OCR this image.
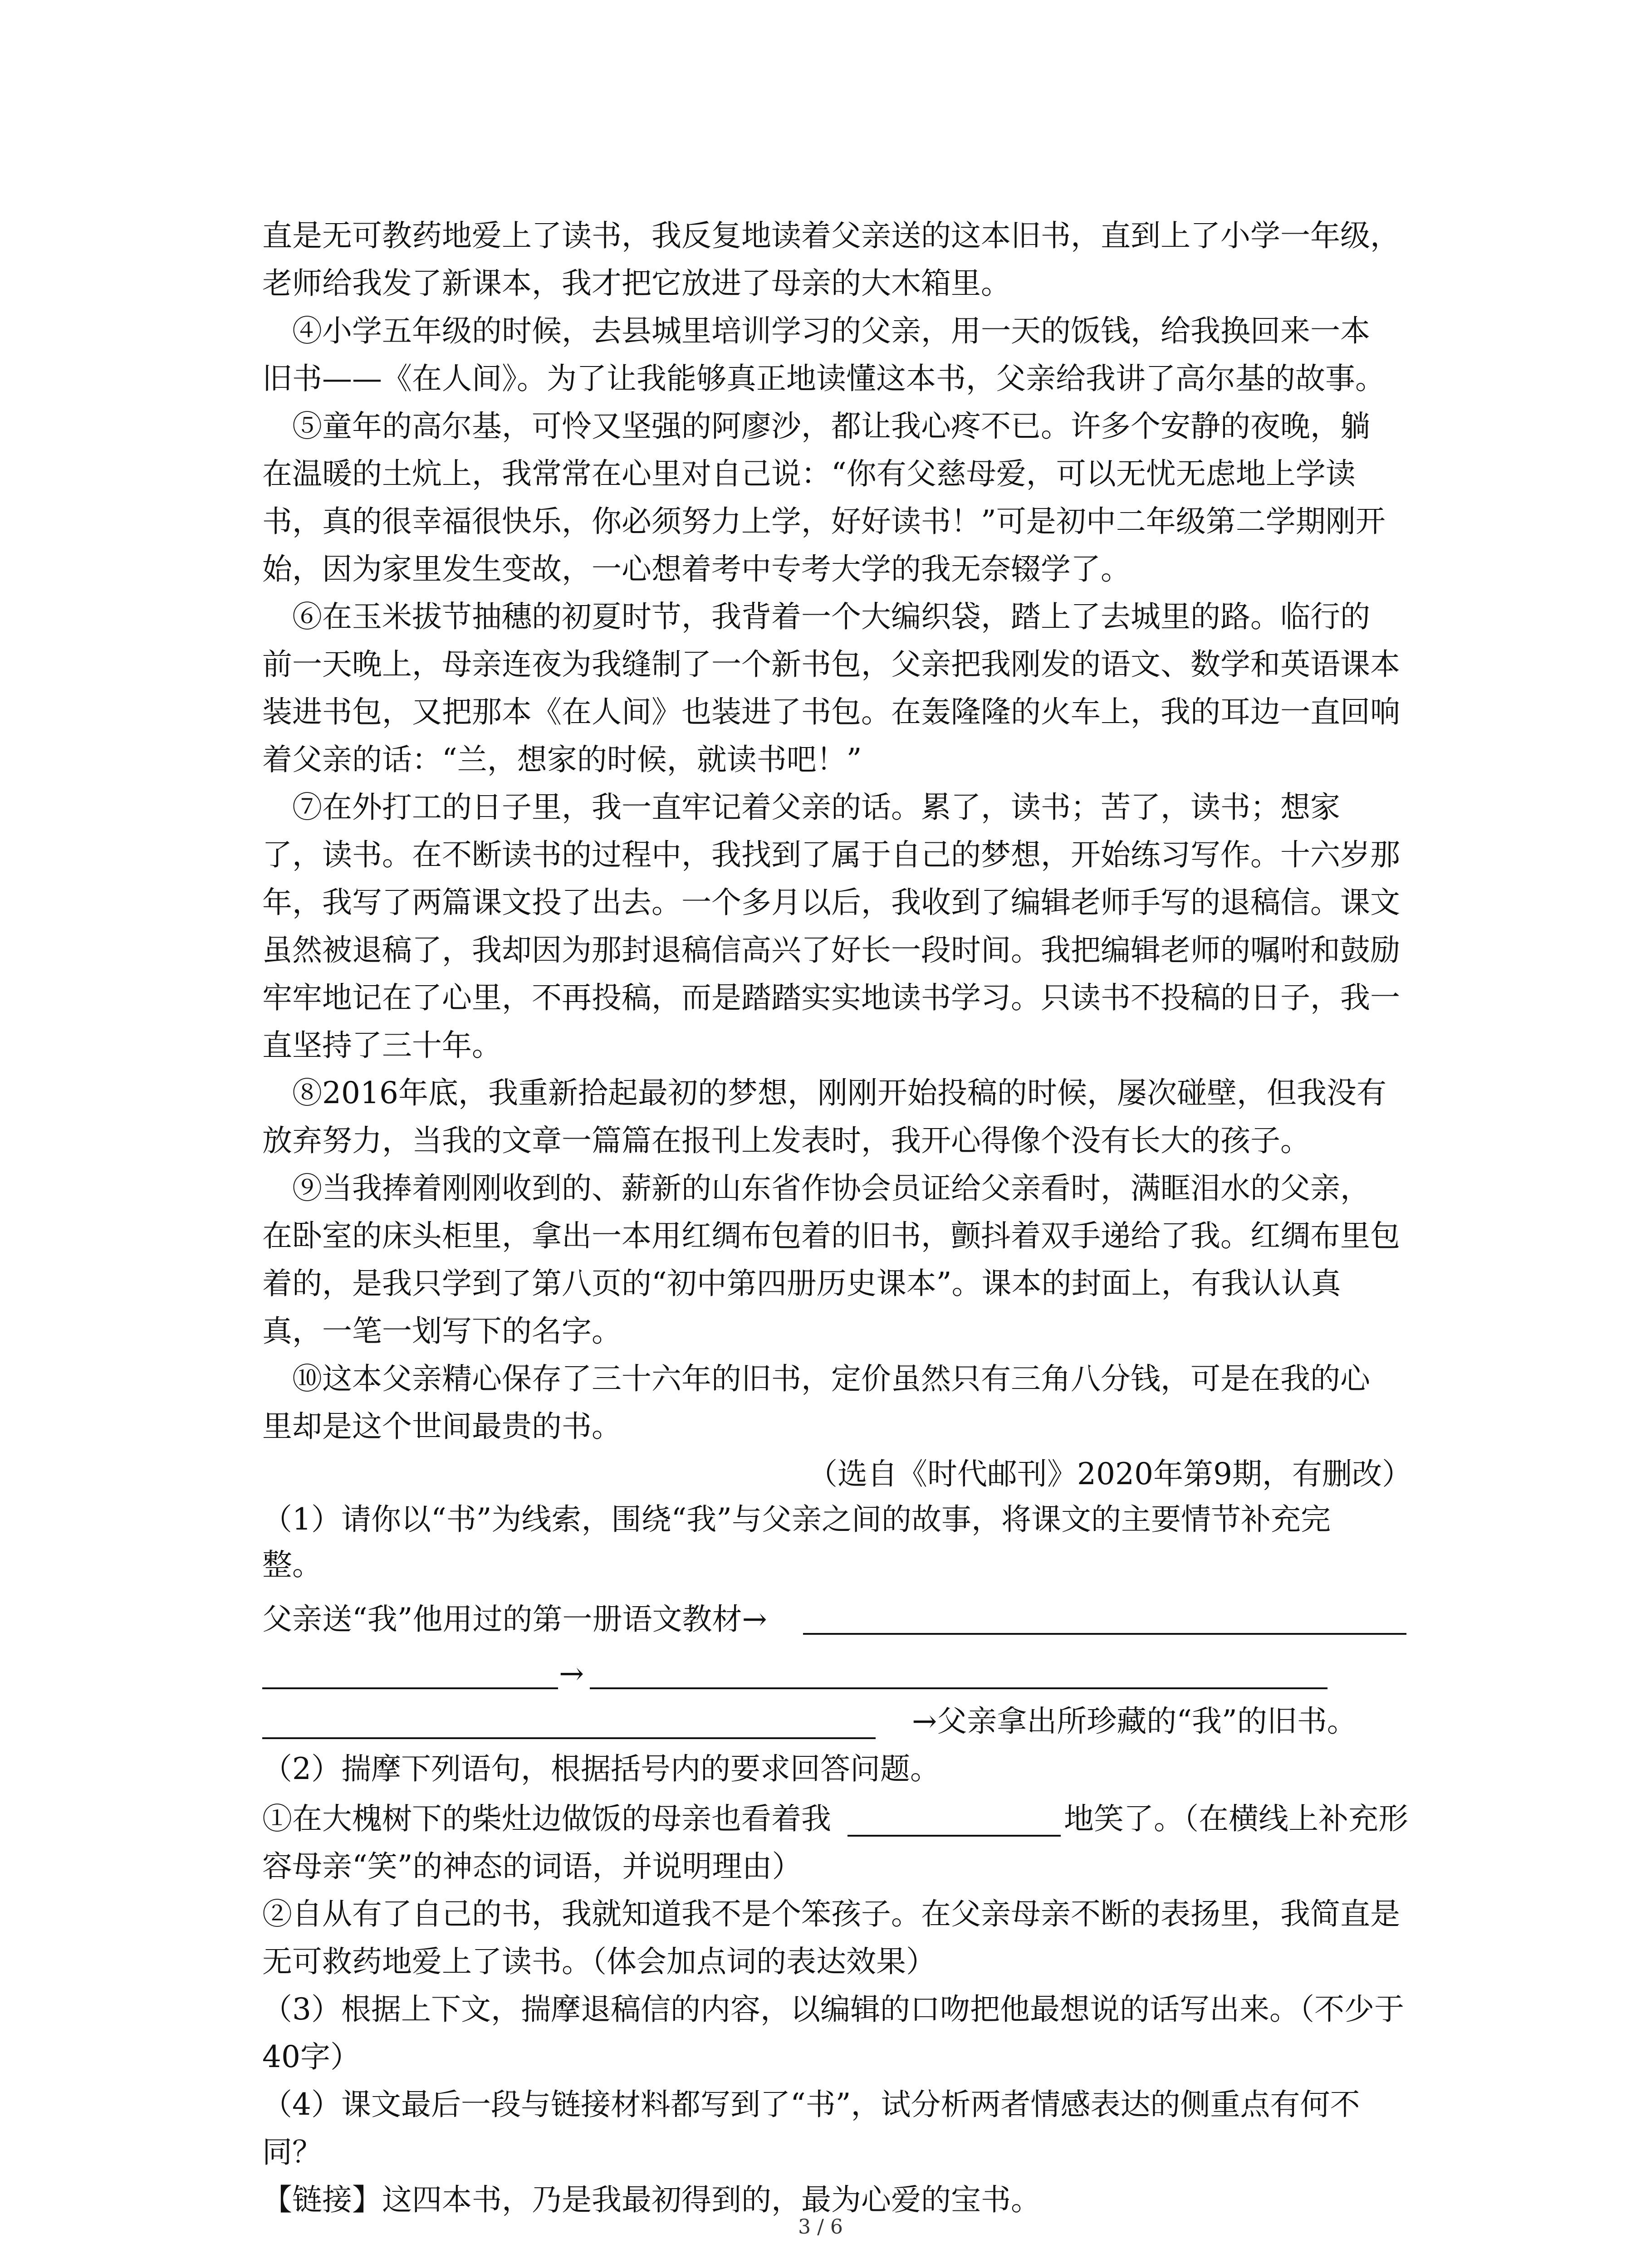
直是无可教药地爱上了读书，我反复地读着父亲送的这本旧书，直到上了小学一年级，
老师给我发了新课本，我才把它放进了母亲的大木箱里。
④小学五年级的时候，去县城里培训学习的父亲，用一天的饭钱，给我换回来一本
旧书——《在人间》。为了让我能够真正地读懂这本书，父亲给我讲了高尔基的故事。
⑤童年的高尔基，可怜又坚强的阿廖沙，都让我心疼不已。许多个安静的夜晚，躺
在温暖的土炕上，我常常在心里对自己说：“你有父慈母爱，可以无忧无虑地上学读
书，真的很幸福很快乐，你必须努力上学，好好读书！”可是初中二年级第二学期刚开
始，因为家里发生变故，一心想着考中专考大学的我无奈辍学了。
⑥在玉米拔节抽穗的初夏时节，我背着一个大编织袋，踏上了去城里的路。临行的
前一天晚上，母亲连夜为我缝制了一个新书包，父亲把我刚发的语文、数学和英语课本
装进书包，又把那本《在人间》也装进了书包。在轰隆隆的火车上，我的耳边一直回响
着父亲的话：“兰，想家的时候，就读书吧！”
⑦在外打工的日子里，我一直牢记着父亲的话。累了，读书；苦了，读书；想家
了，读书。在不断读书的过程中，我找到了属于自己的梦想，开始练习写作。十六岁那
年，我写了两篇课文投了出去。一个多月以后，我收到了编辑老师手写的退稿信。课文
虽然被退稿了，我却因为那封退稿信高兴了好长一段时间。我把编辑老师的嘱咐和鼓励
牢牢地记在了心里，不再投稿，而是踏踏实实地读书学习。只读书不投稿的日子，我一
直坚持了三十年。
⑧2016年底，我重新拾起最初的梦想，刚刚开始投稿的时候，屡次碰壁，但我没有
放弃努力，当我的文章一篇篇在报刊上发表时，我开心得像个没有长大的孩子。
⑨当我捧着刚刚收到的、薪新的山东省作协会员证给父亲看时，满眶泪水的父亲，
在卧室的床头柜里，拿出一本用红绸布包着的旧书，颤抖着双手递给了我。红绸布里包
着的，是我只学到了第八页的“初中第四册历史课本”。课本的封面上，有我认认真
真，一笔一划写下的名字。
⑩这本父亲精心保存了三十六年的旧书，定价虽然只有三角八分钱，可是在我的心
里却是这个世间最贵的书。
（选自《时代邮刊》2020年第9期，有删改）
（1）请你以“书”为线索，围绕“我”与父亲之间的故事，将课文的主要情节补充完
整。
父亲送“我”他用过的第一册语文教材→
→
→父亲拿出所珍藏的“我”的旧书。
（2）揣摩下列语句，根据括号内的要求回答问题。
①在大槐树下的柴灶边做饭的母亲也看着我	地笑了。（在横线上补充形
容母亲“笑”的神态的词语，并说明理由）
②自从有了自己的书，我就知道我不是个笨孩子。在父亲母亲不断的表扬里，我简直是
无可救药地爱上了读书。（体会加点词的表达效果）
（3）根据上下文，揣摩退稿信的内容，以编辑的口吻把他最想说的话写出来。（不少于
40字）
（4）课文最后一段与链接材料都写到了“书”，试分析两者情感表达的侧重点有何不
同？
【链接】这四本书，乃是我最初得到的，最为心爱的宝书。
3 / 6
